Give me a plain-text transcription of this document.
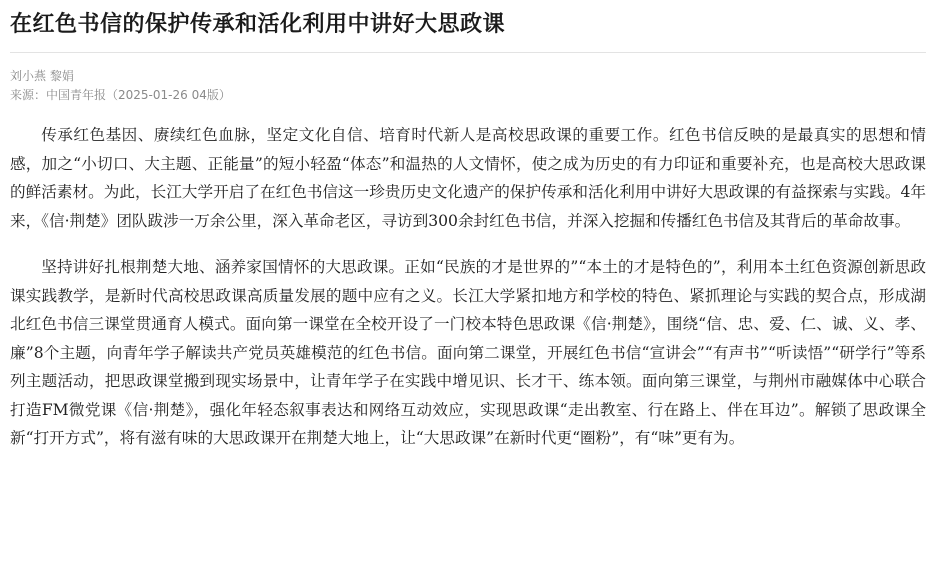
在红色书信的保护传承和活化利用中讲好大思政课
刘小燕 黎娟
来源：中国青年报（2025-01-26 04版）

传承红色基因、赓续红色血脉，坚定文化自信、培育时代新人是高校思政课的重要工作。红色书信反映的是最真实的思想和情感，加之“小切口、大主题、正能量”的短小轻盈“体态”和温热的人文情怀，使之成为历史的有力印证和重要补充，也是高校大思政课的鲜活素材。为此，长江大学开启了在红色书信这一珍贵历史文化遗产的保护传承和活化利用中讲好大思政课的有益探索与实践。4年来，《信·荆楚》团队跋涉一万余公里，深入革命老区，寻访到300余封红色书信，并深入挖掘和传播红色书信及其背后的革命故事。

坚持讲好扎根荆楚大地、涵养家国情怀的大思政课。正如“民族的才是世界的”“本土的才是特色的”，利用本土红色资源创新思政课实践教学，是新时代高校思政课高质量发展的题中应有之义。长江大学紧扣地方和学校的特色、紧抓理论与实践的契合点，形成湖北红色书信三课堂贯通育人模式。面向第一课堂在全校开设了一门校本特色思政课《信·荆楚》，围绕“信、忠、爱、仁、诚、义、孝、廉”8个主题，向青年学子解读共产党员英雄模范的红色书信。面向第二课堂，开展红色书信“宣讲会”“有声书”“听读悟”“研学行”等系列主题活动，把思政课堂搬到现实场景中，让青年学子在实践中增见识、长才干、练本领。面向第三课堂，与荆州市融媒体中心联合打造FM微党课《信·荆楚》，强化年轻态叙事表达和网络互动效应，实现思政课“走出教室、行在路上、伴在耳边”。解锁了思政课全新“打开方式”，将有滋有味的大思政课开在荆楚大地上，让“大思政课”在新时代更“圈粉”，有“味”更有为。
